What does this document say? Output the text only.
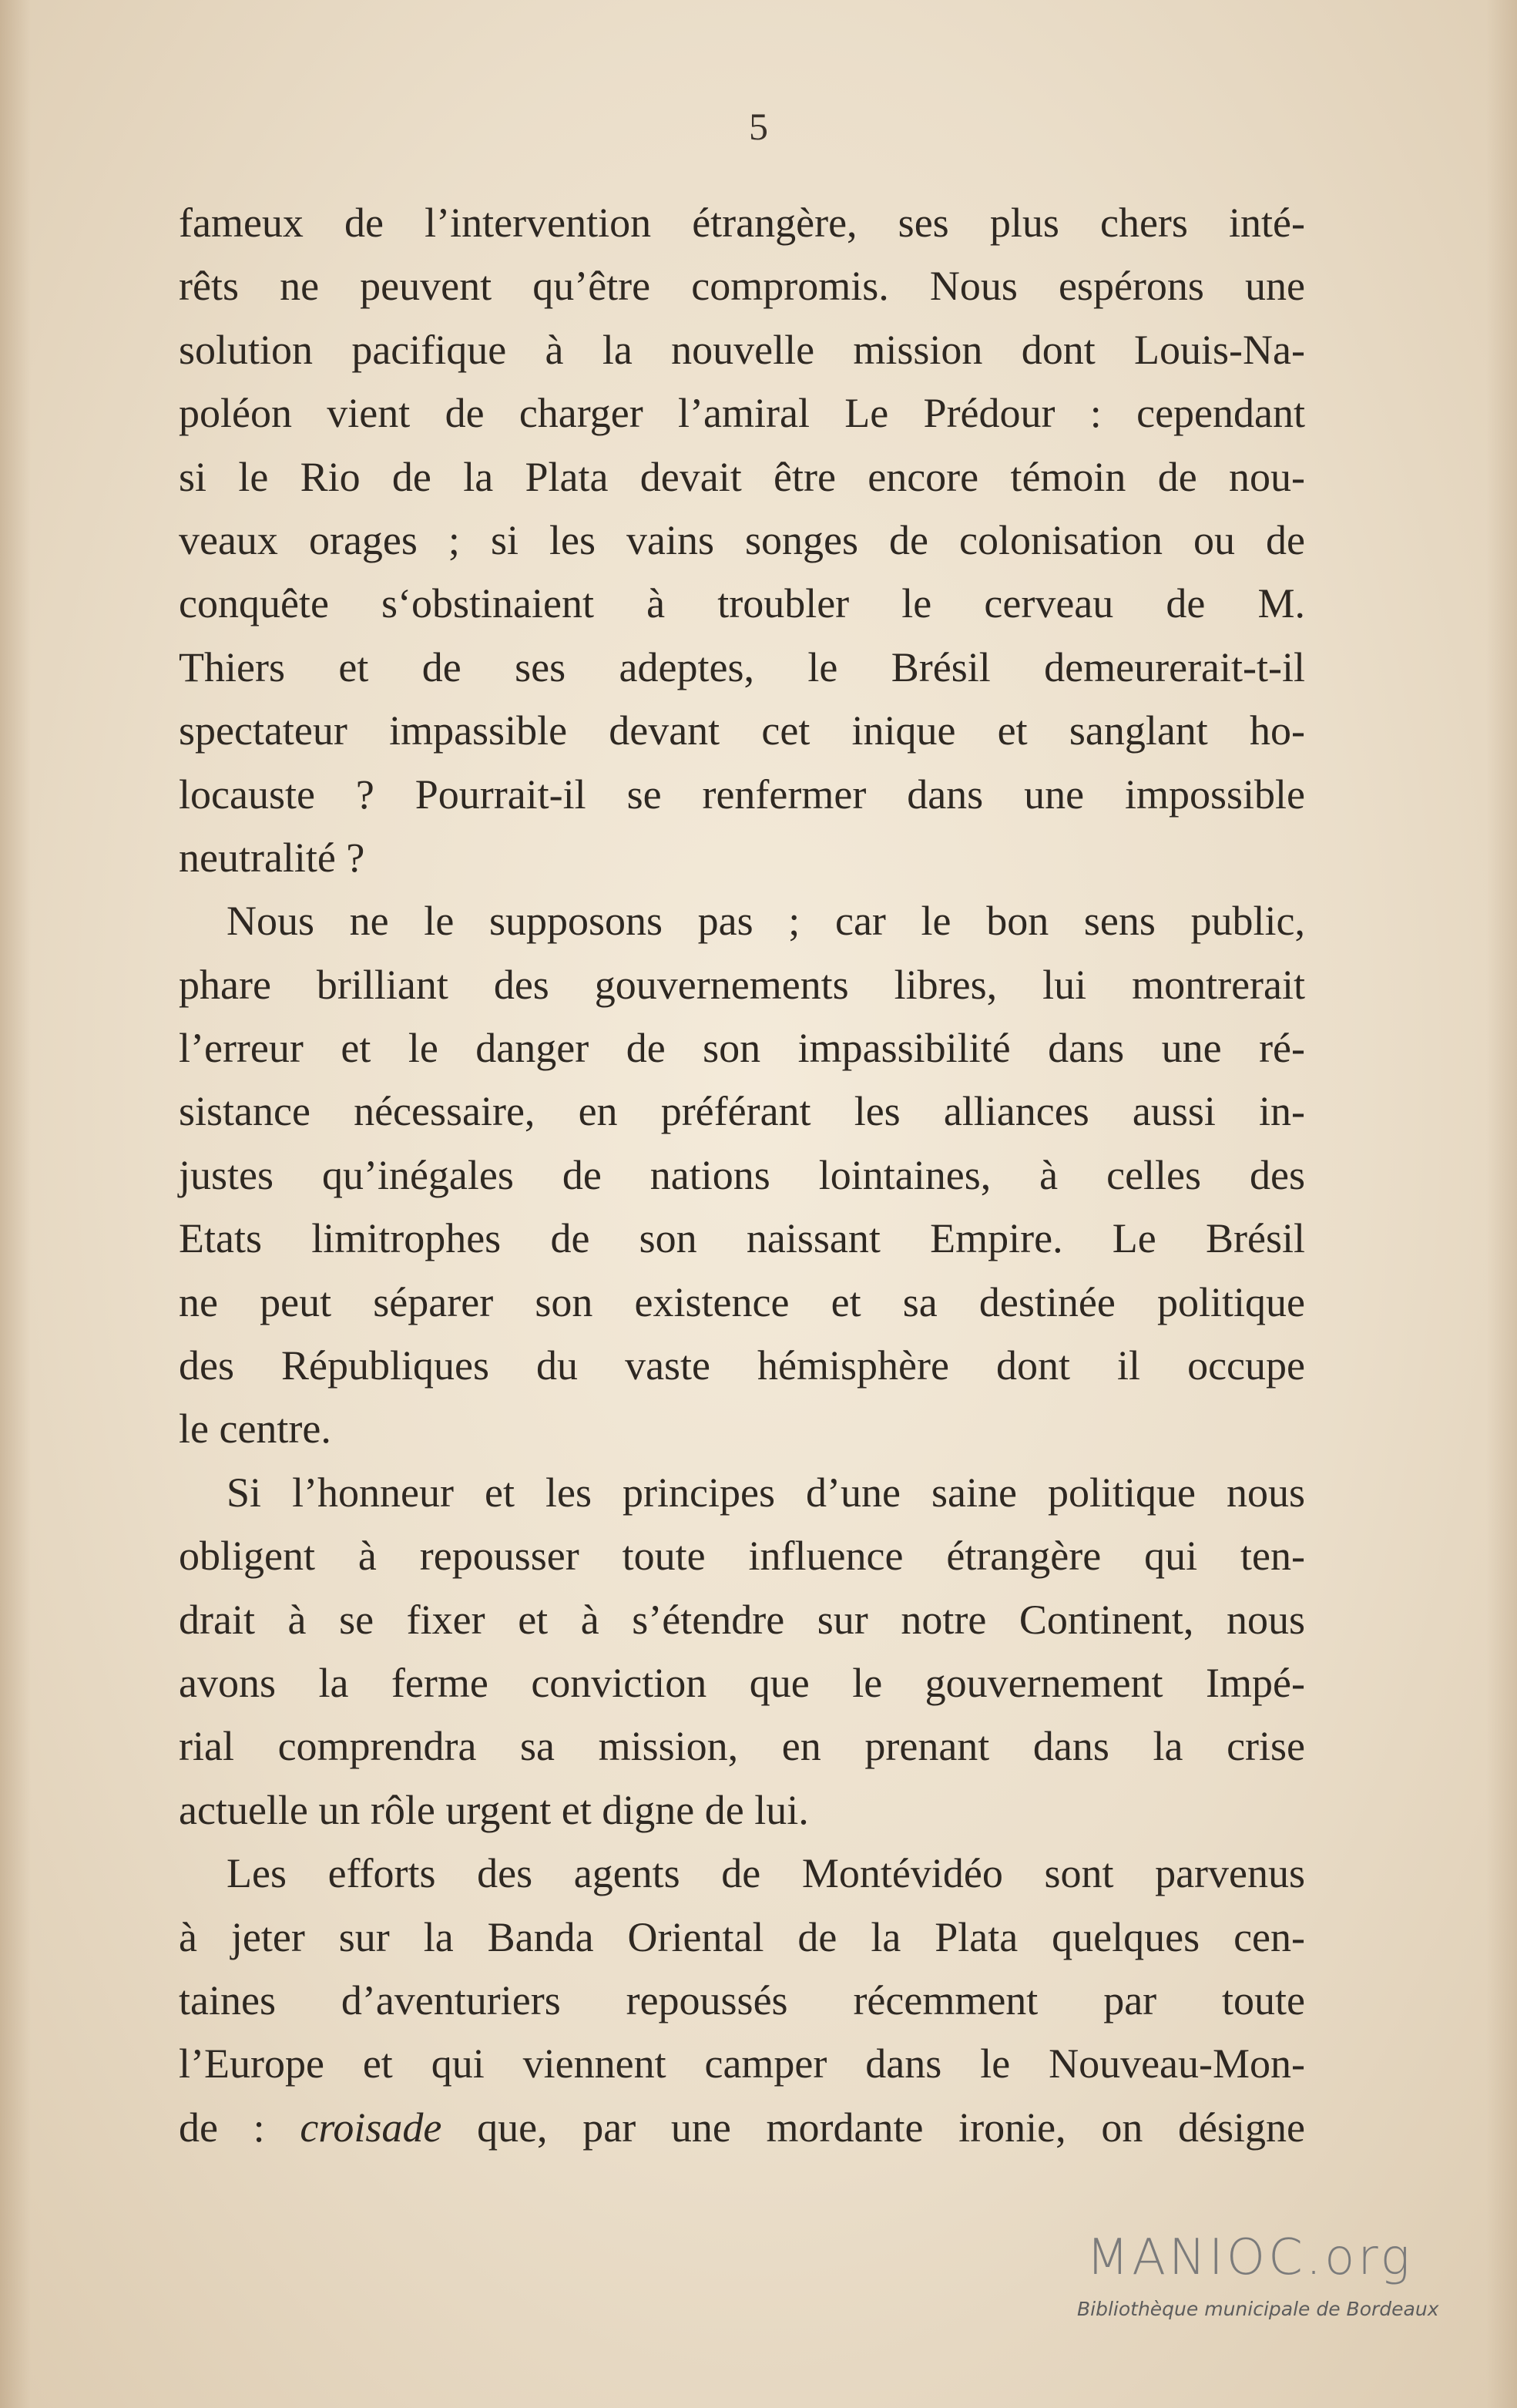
5
fameux de l’intervention étrangère, ses plus chers inté-
rêts ne peuvent qu’être compromis. Nous espérons une
solution pacifique à la nouvelle mission dont Louis-Na-
poléon vient de charger l’amiral Le Prédour : cependant
si le Rio de la Plata devait être encore témoin de nou-
veaux orages ; si les vains songes de colonisation ou de
conquête s‘obstinaient à troubler le cerveau de M.
Thiers et de ses adeptes, le Brésil demeurerait-t-il
spectateur impassible devant cet inique et sanglant ho-
locauste ? Pourrait-il se renfermer dans une impossible
neutralité ?
Nous ne le supposons pas ; car le bon sens public,
phare brilliant des gouvernements libres, lui montrerait
l’erreur et le danger de son impassibilité dans une ré-
sistance nécessaire, en préférant les alliances aussi in-
justes qu’inégales de nations lointaines, à celles des
Etats limitrophes de son naissant Empire. Le Brésil
ne peut séparer son existence et sa destinée politique
des Républiques du vaste hémisphère dont il occupe
le centre.
Si l’honneur et les principes d’une saine politique nous
obligent à repousser toute influence étrangère qui ten-
drait à se fixer et à s’étendre sur notre Continent, nous
avons la ferme conviction que le gouvernement Impé-
rial comprendra sa mission, en prenant dans la crise
actuelle un rôle urgent et digne de lui.
Les efforts des agents de Montévidéo sont parvenus
à jeter sur la Banda Oriental de la Plata quelques cen-
taines d’aventuriers repoussés récemment par toute
l’Europe et qui viennent camper dans le Nouveau-Mon-
de : croisade que, par une mordante ironie, on désigne
MANIOC.org
Bibliothèque municipale de Bordeaux
